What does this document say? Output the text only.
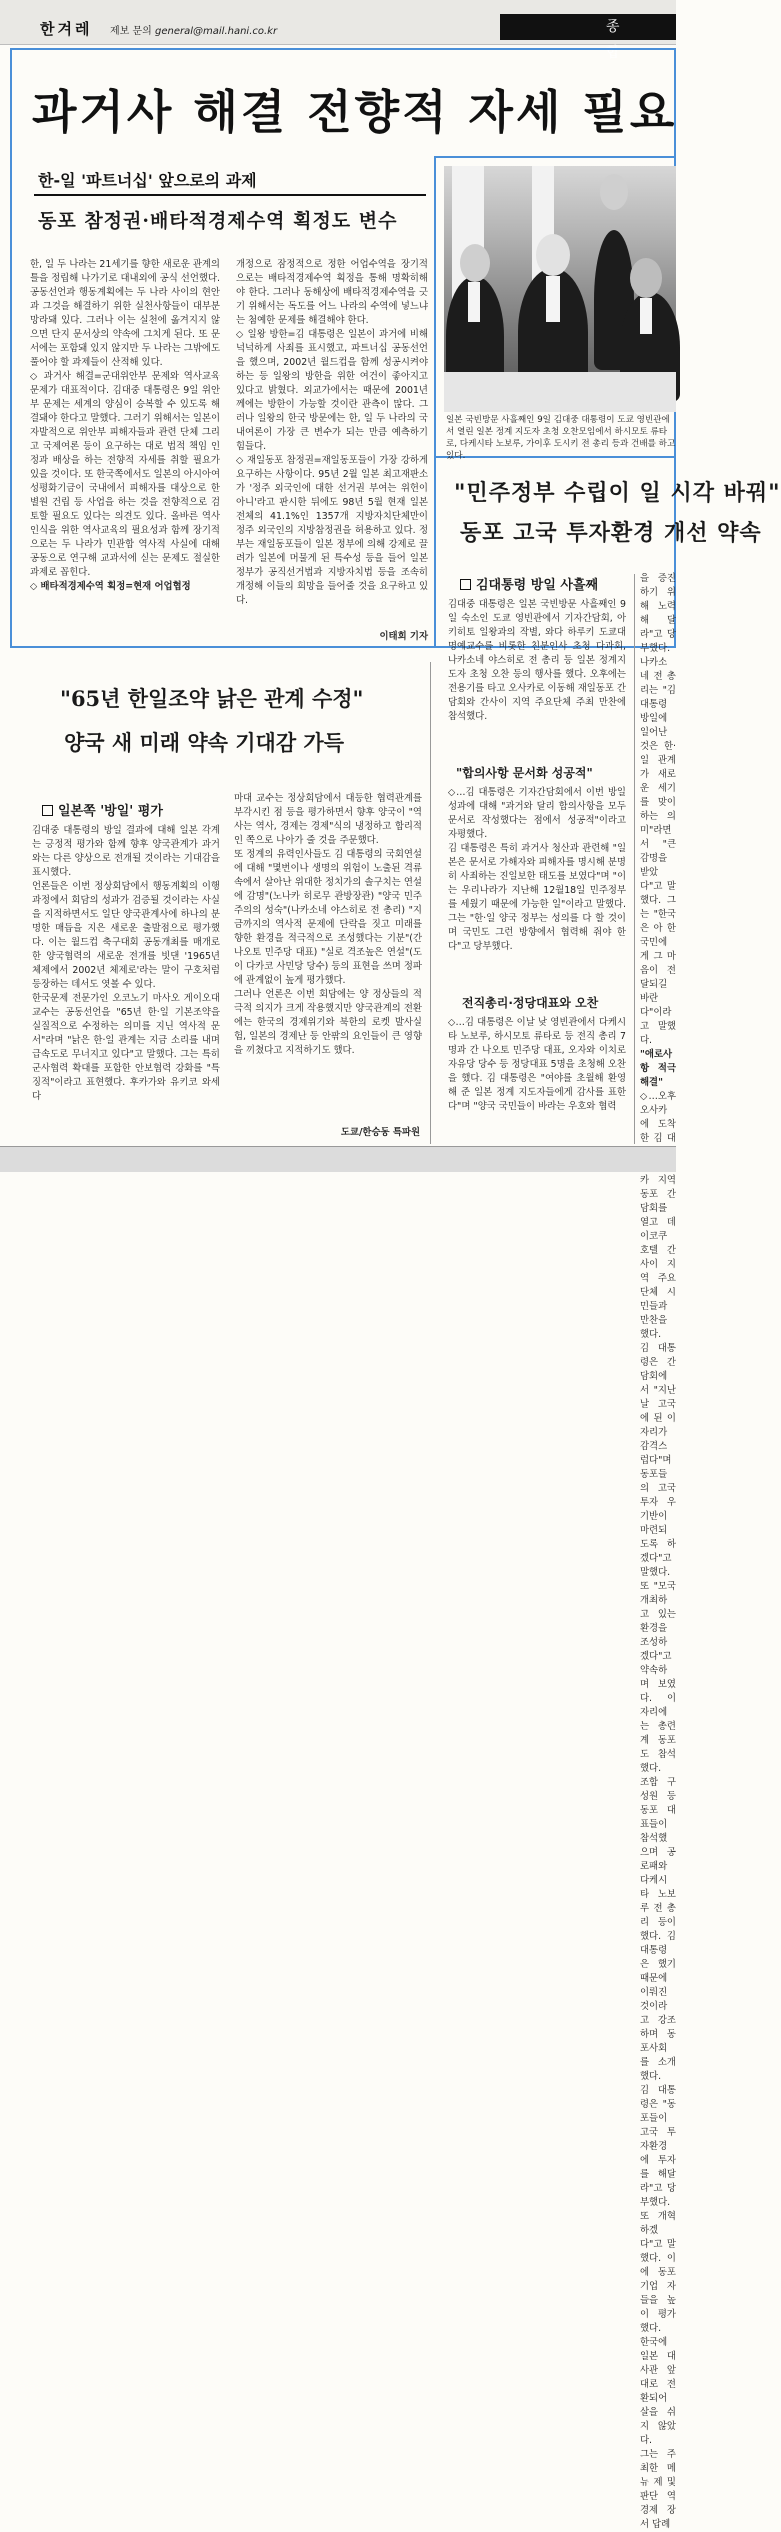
한겨레 제보 문의 general@mail.hani.co.kr	종합
과거사 해결 전향적 자세 필요
한-일 '파트너십' 앞으로의 과제
동포 참정권·배타적경제수역 획정도 변수

한, 일 두 나라는 21세기를 향한 새로운 관계의 틀을 정립해 나가기로 대내외에 공식 선언했다. 공동선언과 행동계획에는 두 나라 사이의 현안과 그것을 해결하기 위한 실천사항들이 대부분 망라돼 있다. 그러나 이는 실천에 옮겨지지 않으면 단지 문서상의 약속에 그치게 된다. 또 문서에는 포함돼 있지 않지만 두 나라는 그밖에도 풀어야 할 과제들이 산적해 있다.

◇ 과거사 해결=군대위안부 문제와 역사교육 문제가 대표적이다. 김대중 대통령은 9일 위안부 문제는 세계의 양심이 승복할 수 있도록 해결돼야 한다고 말했다. 그러기 위해서는 일본이 자발적으로 위안부 피해자들과 관련 단체 그리고 국제여론 등이 요구하는 대로 법적 책임 인정과 배상을 하는 전향적 자세를 취할 필요가 있을 것이다. 또 한국쪽에서도 일본의 아시아여성평화기금이 국내에서 피해자를 대상으로 한 별원 건립 등 사업을 하는 것을 전향적으로 검토할 필요도 있다는 의견도 있다. 올바른 역사인식을 위한 역사교육의 필요성과 함께 장기적으로는 두 나라가 민관합 역사적 사실에 대해 공동으로 연구해 교과서에 싣는 문제도 절실한 과제로 꼽힌다.

◇ 배타적경제수역 획정=현재 어업협정

개정으로 잠정적으로 정한 어업수역을 장기적으로는 배타적경제수역 획정을 통해 명확히해야 한다. 그러나 동해상에 배타적경제수역을 긋기 위해서는 독도를 어느 나라의 수역에 넣느냐는 첨예한 문제를 해결해야 한다.

◇ 일왕 방한=김 대통령은 일본이 과거에 비해 넉넉하게 사죄를 표시했고, 파트너십 공동선언을 했으며, 2002년 월드컵을 함께 성공시켜야 하는 등 일왕의 방한을 위한 여건이 좋아지고 있다고 밝혔다. 외교가에서는 때문에 2001년께에는 방한이 가능할 것이란 관측이 많다. 그러나 일왕의 한국 방문에는 한, 일 두 나라의 국내여론이 가장 큰 변수가 되는 만큼 예측하기 힘들다.

◇ 재일동포 참정권=재일동포들이 가장 강하게 요구하는 사항이다. 95년 2월 일본 최고재판소가 '정주 외국인에 대한 선거권 부여는 위헌이 아니'라고 판시한 뒤에도 98년 5월 현재 일본 전체의 41.1%인 1357개 지방자치단체만이 정주 외국인의 지방참정권을 허용하고 있다. 정부는 재일동포들이 일본 정부에 의해 강제로 끌려가 일본에 머물게 된 특수성 등을 들어 일본 정부가 공직선거법과 지방자치법 등을 조속히 개정해 이들의 희망을 들어줄 것을 요구하고 있다.

이태희 기자
일본 국빈방문 사흘째인 9일 김대중 대통령이 도쿄 영빈관에서 열린 일본 정계 지도자 초청 오찬모임에서 하시모토 류타로, 다케시타 노보루, 가이후 도시키 전 총리 등과 건배를 하고 있다.
"민주정부 수립이 일 시각 바꿔"
동포 고국 투자환경 개선 약속
김대통령 방일 사흘째

김대중 대통령은 일본 국빈방문 사흘째인 9일 숙소인 도쿄 영빈관에서 기자간담회, 아키히토 일왕과의 작별, 와다 하루키 도쿄대 명예교수를 비롯한 친분인사 초청 다과회, 나카소네 야스히로 전 총리 등 일본 정계지도자 초청 오찬 등의 행사를 했다. 오후에는 전용기를 타고 오사카로 이동해 재일동포 간담회와 간사이 지역 주요단체 주최 만찬에 참석했다.

"합의사항 문서화 성공적"

◇…김 대통령은 기자간담회에서 이번 방일 성과에 대해 "과거와 달리 합의사항을 모두 문서로 작성했다는 점에서 성공적"이라고 자평했다.

김 대통령은 특히 과거사 청산과 관련해 "일본은 문서로 가해자와 피해자를 명시해 분명히 사죄하는 진일보한 태도를 보였다"며 "이는 우리나라가 지난해 12월18일 민주정부를 세웠기 때문에 가능한 일"이라고 말했다. 그는 "한·일 양국 정부는 성의를 다 할 것이며 국민도 그런 방향에서 협력해 줘야 한다"고 당부했다.

전직총리·정당대표와 오찬

◇…김 대통령은 이날 낮 영빈관에서 다케시타 노보루, 하시모토 류타로 등 전직 총리 7명과 간 나오토 민주당 대표, 오자와 이치로 자유당 당수 등 정당대표 5명을 초청해 오찬을 했다. 김 대통령은 "여야를 초월해 환영해 준 일본 정계 지도자들에게 감사를 표한다"며 "양국 국민들이 바라는 우호와 협력

을 증진하기 위해 노력해 달라"고 당부했다.

나카소네 전 총리는 "김 대통령 방일에 일어난 것은 한·일 관계가 새로운 세기를 맞이하는 의미"라면서 "큰 감명을 받았다"고 말했다. 그는 "한국은 아 한국민에게 그 마음이 전달되길 바란다"이라고 말했다.

"애로사항 적극해결"

◇…오후 오사카에 도착한 김 대 카 지역 동포 간담회를 열고 데이코쿠 호텔 간사이 지역 주요단체 시민들과 만찬을 했다.

김 대통령은 간담회에서 "지난날 고국에 된 이 자리가 감격스럽다"며 동포들의 고국투자 우 기반이 마련되도록 하겠다"고 말했다. 또 "모국 개최하고 있는 환경을 조성하겠다"고 약속하며 보였다. 이 자리에는 총련계 동포도 참석했다.

조합 구성원 등 동포 대표들이 참석했으며 공로패와 다케시타 노보루 전 총리 등이 했다. 김 대통령은 했기 때문에 이뤄진 것이라고 강조하며 동포사회를 소개했다.

김 대통령은 "동포들이 고국 투자환경에 투자를 해달라"고 당부했다. 또 개혁하겠다"고 말했다. 이에 동포 기업 자들을 높이 평가했다.

한국에 일본 대사관 앞 대로 전환되어 살을 쉬지 않았다.

그는 주최한 메뉴 제 및 판단 역 경제 장서 답례

"65년 한일조약 낡은 관계 수정"
양국 새 미래 약속 기대감 가득
일본쪽 '방일' 평가

김대중 대통령의 방일 결과에 대해 일본 각계는 긍정적 평가와 함께 향후 양국관계가 과거와는 다른 양상으로 전개될 것이라는 기대감을 표시했다.

언론들은 이번 정상회담에서 행동계획의 이행과정에서 회담의 성과가 검증될 것이라는 사실을 지적하면서도 일단 양국관계사에 하나의 분명한 매듭을 지은 새로운 출발점으로 평가했다. 이는 월드컵 축구대회 공동개최를 매개로 한 양국협력의 새로운 전개를 빗댄 '1965년 체제에서 2002년 체제로'라는 말이 구호처럼 등장하는 데서도 엿볼 수 있다.

한국문제 전문가인 오코노기 마사오 게이오대 교수는 공동선언을 "65년 한·일 기본조약을 실질적으로 수정하는 의미를 지닌 역사적 문서"라며 "낡은 한·일 관계는 지금 소리를 내며 급속도로 무너지고 있다"고 말했다. 그는 특히 군사협력 확대를 포함한 안보협력 강화를 "특징적"이라고 표현했다. 후카가와 유키코 와세다

마대 교수는 정상회담에서 대등한 협력관계를 부각시킨 점 등을 평가하면서 향후 양국이 "역사는 역사, 경제는 경제"식의 냉정하고 합리적인 쪽으로 나아가 줄 것을 주문했다.

또 정계의 유력인사들도 김 대통령의 국회연설에 대해 "몇번이나 생명의 위험이 노출된 격류 속에서 살아난 위대한 정치가의 솔구치는 연설에 감명"(노나카 히로무 관방장관) "양국 민주주의의 성숙"(나카소네 야스히로 전 총리) "지금까지의 역사적 문제에 단락을 짓고 미래를 향한 환경을 적극적으로 조성했다는 기분"(간 나오토 민주당 대표) "실로 격조높은 연설"(도이 다카코 사민당 당수) 등의 표현을 쓰며 정파에 관계없이 높게 평가했다.

그러나 언론은 이번 회담에는 양 정상들의 적극적 의지가 크게 작용했지만 양국관계의 전환에는 한국의 경제위기와 북한의 로켓 발사실험, 일본의 경제난 등 안팎의 요인들이 큰 영향을 끼쳤다고 지적하기도 했다.

도쿄/한승동 특파원
